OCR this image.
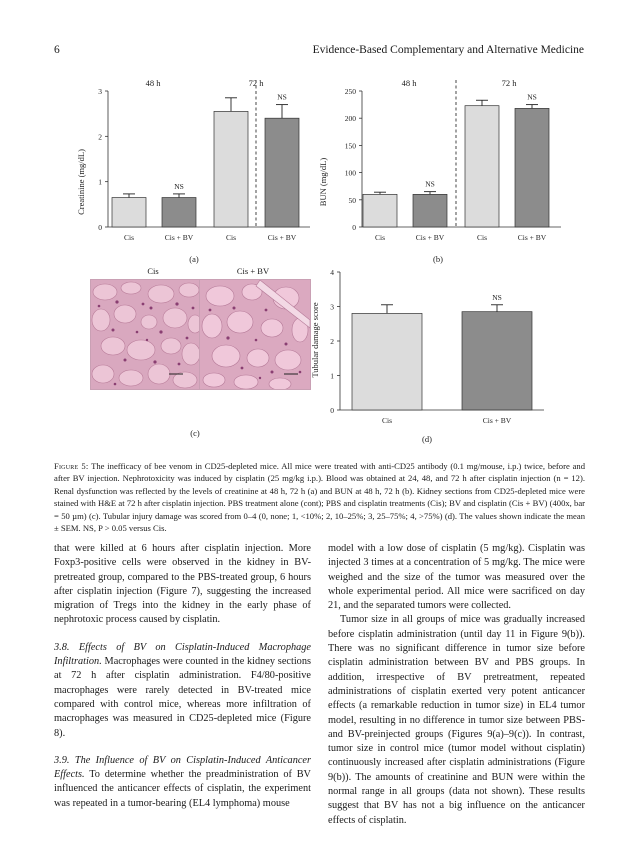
6	Evidence-Based Complementary and Alternative Medicine
Creatinine (mg/dL)
48 h	72 h
0
1
2
3
Cis
NS
Cis + BV	Cis
NS
Cis + BV
(a)
BUN (mg/dL)
48 h	72 h
0
50
100
150
200
250
Cis
NS
Cis + BV	Cis
NS
Cis + BV
(b)
Cis	Cis + BV
(c)
Tubular damage score
0
1
2
3
4
Cis
NS
Cis + BV
(d)
Figure 5: The inefficacy of bee venom in CD25-depleted mice. All mice were treated with anti-CD25 antibody (0.1 mg/mouse, i.p.) twice, before and after BV injection. Nephrotoxicity was induced by cisplatin (25 mg/kg i.p.). Blood was obtained at 24, 48, and 72 h after cisplatin injection (n = 12). Renal dysfunction was reflected by the levels of creatinine at 48 h, 72 h (a) and BUN at 48 h, 72 h (b). Kidney sections from CD25-depleted mice were stained with H&E at 72 h after cisplatin injection. PBS treatment alone (cont); PBS and cisplatin treatments (Cis); BV and cisplatin (Cis + BV) (400x, bar = 50 µm) (c). Tubular injury damage was scored from 0–4 (0, none; 1, <10%; 2, 10–25%; 3, 25–75%; 4, >75%) (d). The values shown indicate the mean ± SEM. NS, P > 0.05 versus Cis.

that were killed at 6 hours after cisplatin injection. More Foxp3-positive cells were observed in the kidney in BV-pretreated group, compared to the PBS-treated group, 6 hours after cisplatin injection (Figure 7), suggesting the increased migration of Tregs into the kidney in the early phase of nephrotoxic process caused by cisplatin.

3.8. Effects of BV on Cisplatin-Induced Macrophage Infiltration. Macrophages were counted in the kidney sections at 72 h after cisplatin administration. F4/80-positive macrophages were rarely detected in BV-treated mice compared with control mice, whereas more infiltration of macrophages was measured in CD25-depleted mice (Figure 8).

3.9. The Influence of BV on Cisplatin-Induced Anticancer Effects. To determine whether the preadministration of BV influenced the anticancer effects of cisplatin, the experiment was repeated in a tumor-bearing (EL4 lymphoma) mouse

model with a low dose of cisplatin (5 mg/kg). Cisplatin was injected 3 times at a concentration of 5 mg/kg. The mice were weighed and the size of the tumor was measured over the whole experimental period. All mice were sacrificed on day 21, and the separated tumors were collected.

Tumor size in all groups of mice was gradually increased before cisplatin administration (until day 11 in Figure 9(b)). There was no significant difference in tumor size before cisplatin administration between BV and PBS groups. In addition, irrespective of BV pretreatment, repeated administrations of cisplatin exerted very potent anticancer effects (a remarkable reduction in tumor size) in EL4 tumor model, resulting in no difference in tumor size between PBS- and BV-preinjected groups (Figures 9(a)–9(c)). In contrast, tumor size in control mice (tumor model without cisplatin) continuously increased after cisplatin administrations (Figure 9(b)). The amounts of creatinine and BUN were within the normal range in all groups (data not shown). These results suggest that BV has not a big influence on the anticancer effects of cisplatin.
